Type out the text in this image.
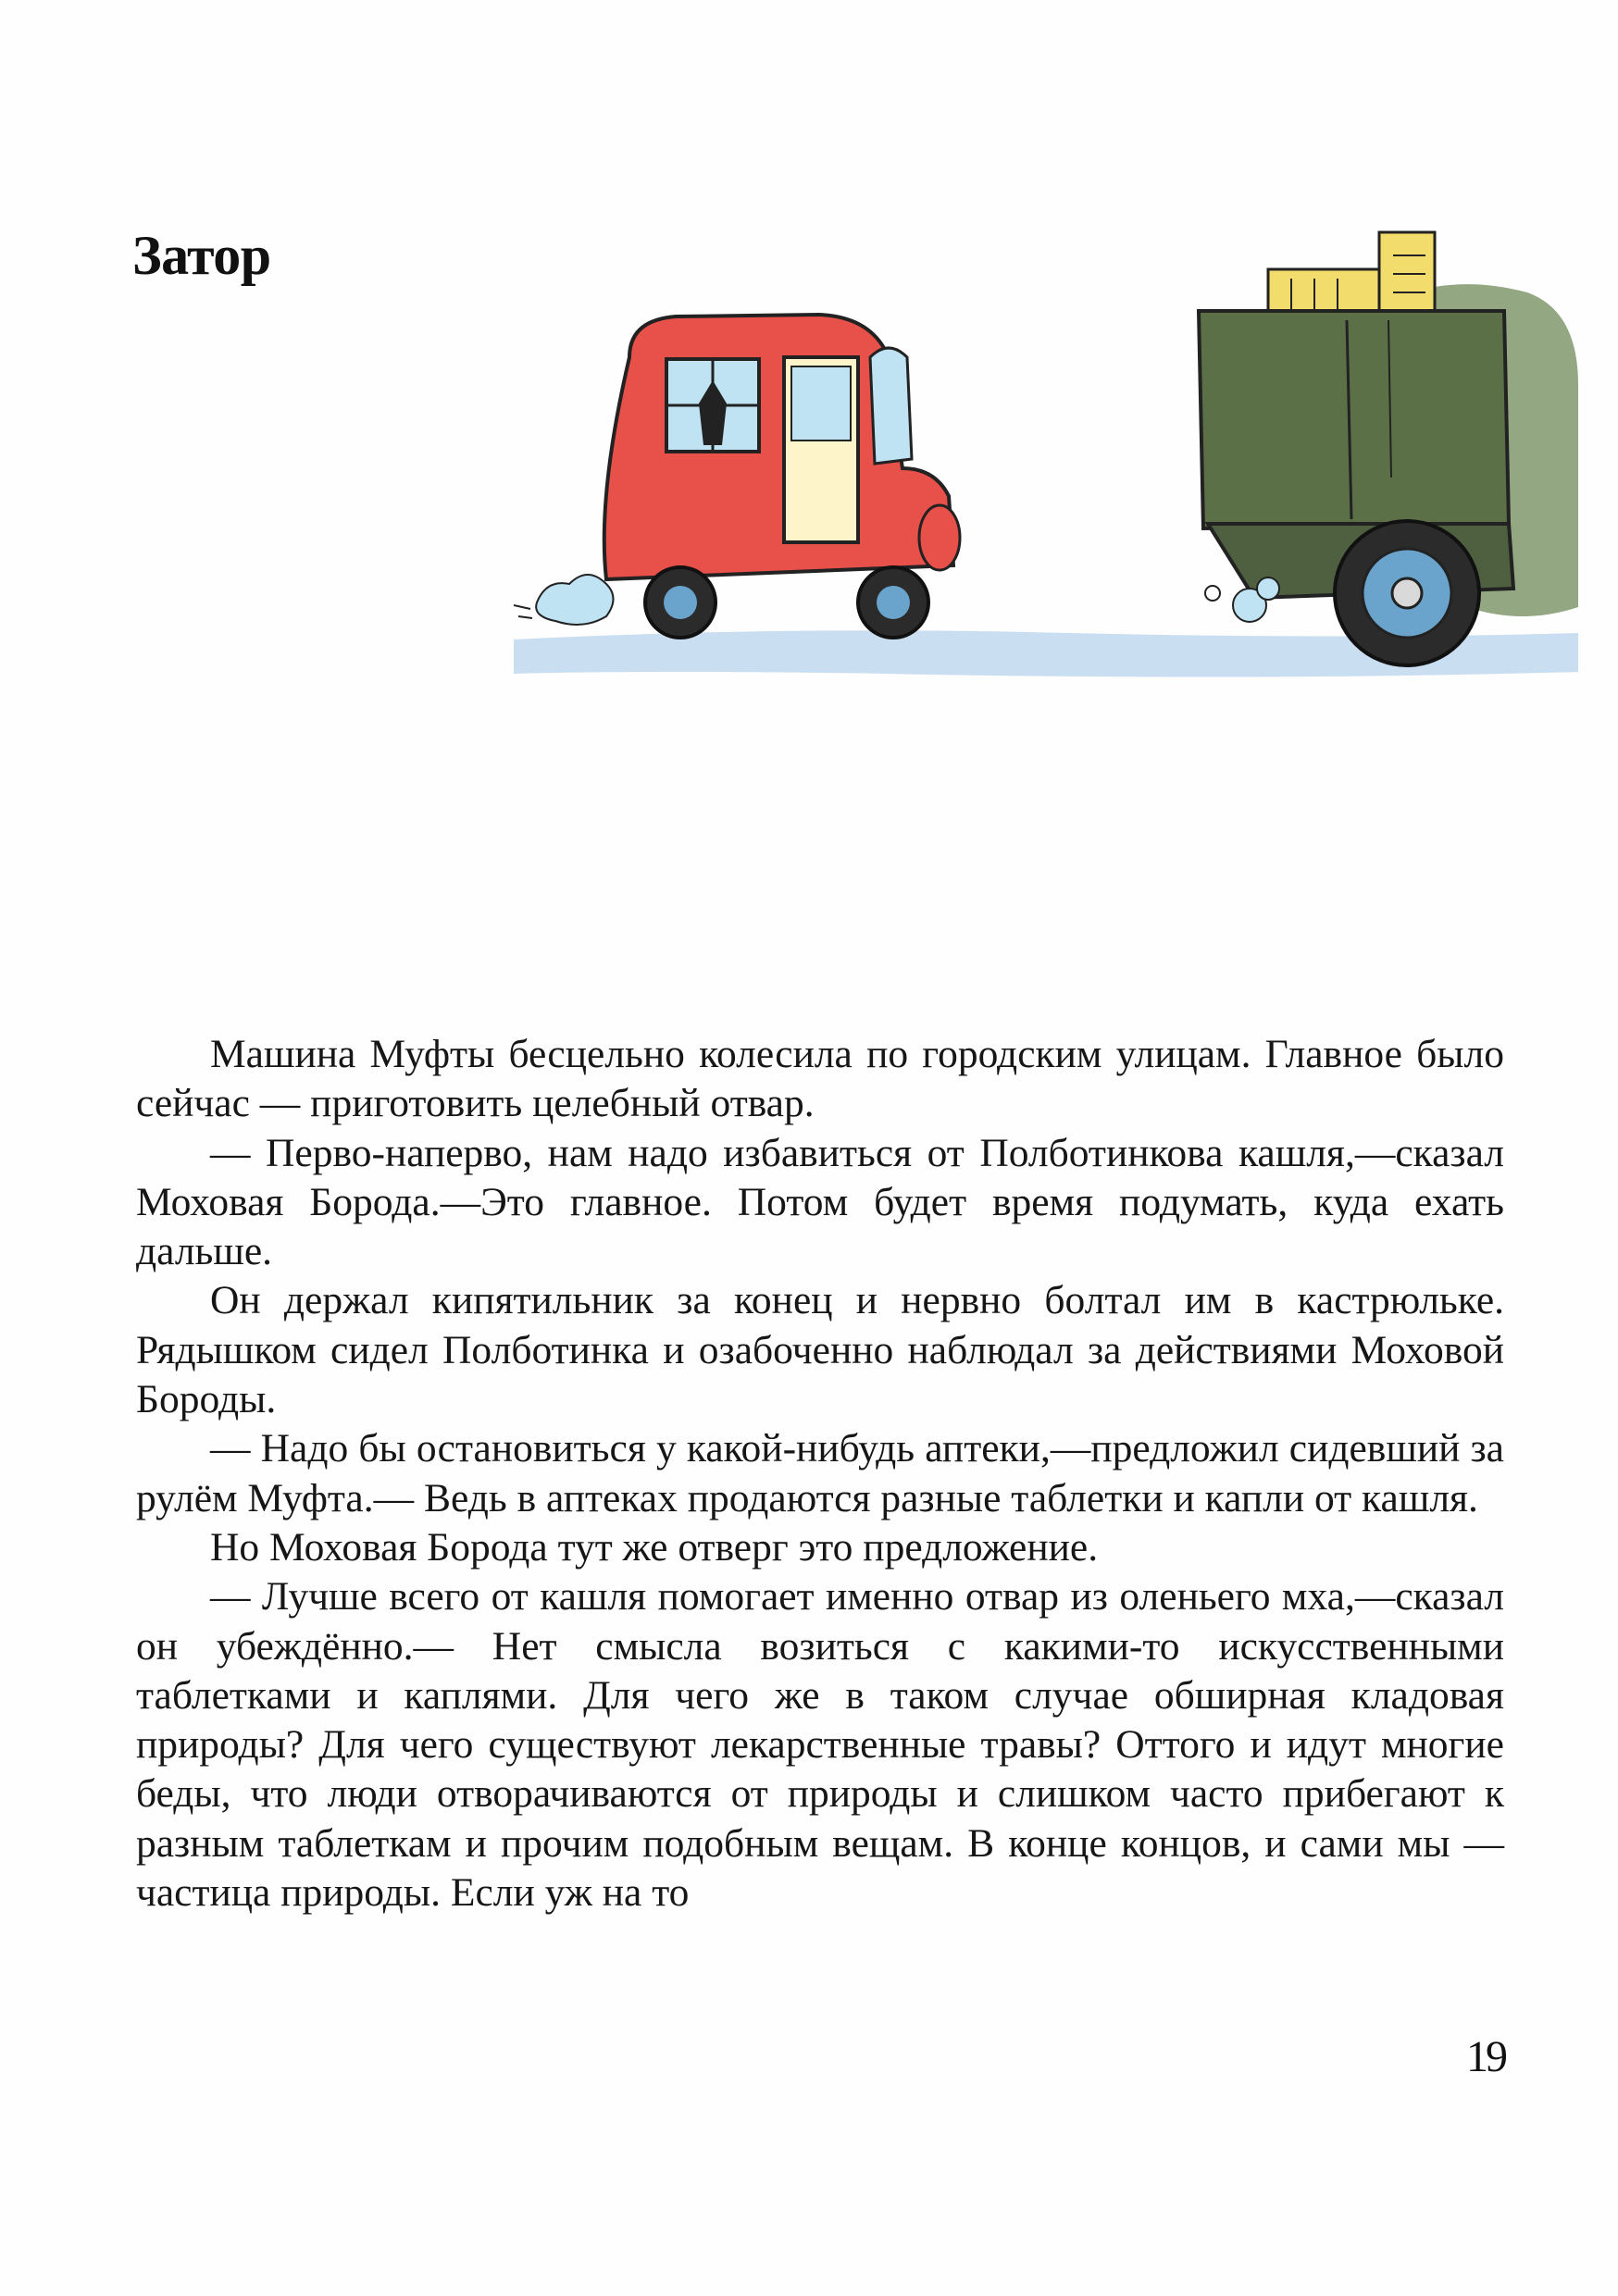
Затор

Машина Муфты бесцельно колесила по городским улицам. Главное было сейчас — приготовить целебный отвар.

— Перво-наперво, нам надо избавиться от Полботинкова кашля,—сказал Моховая Борода.—Это главное. Потом будет время подумать, куда ехать дальше.

Он держал кипятильник за конец и нервно болтал им в кастрюльке. Рядышком сидел Полботинка и озабоченно наблюдал за действиями Моховой Бороды.

— Надо бы остановиться у какой-нибудь аптеки,—предложил сидевший за рулём Муфта.— Ведь в аптеках продаются разные таблетки и капли от кашля.

Но Моховая Борода тут же отверг это предложение.

— Лучше всего от кашля помогает именно отвар из оленьего мха,—сказал он убеждённо.— Нет смысла возиться с какими-то искусственными таблетками и каплями. Для чего же в таком случае обширная кладовая природы? Для чего существуют лекарственные травы? Оттого и идут многие беды, что люди отворачиваются от природы и слишком часто прибегают к разным таблеткам и прочим подобным вещам. В конце концов, и сами мы — частица природы. Если уж на то

19
